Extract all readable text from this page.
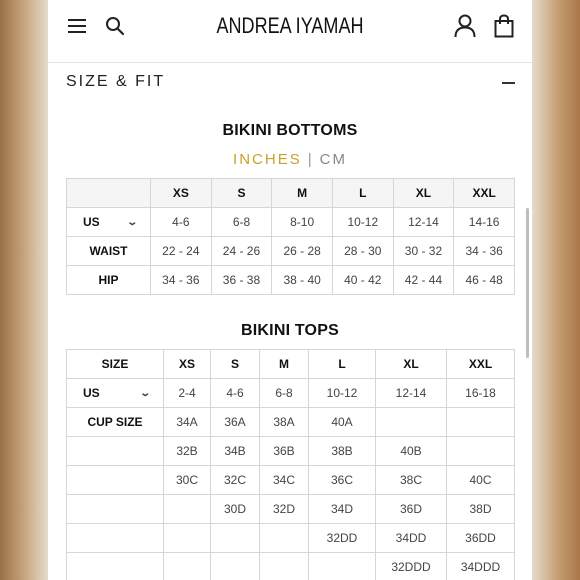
ANDREA IYAMAH
SIZE & FIT
BIKINI BOTTOMS
INCHES | CM
	XS	S	M	L	XL	XXL

US ⌄	4-6	6-8	8-10	10-12	12-14	14-16
WAIST	22 - 24	24 - 26	26 - 28	28 - 30	30 - 32	34 - 36
HIP	34 - 36	36 - 38	38 - 40	40 - 42	42 - 44	46 - 48
BIKINI TOPS
SIZE	XS	S	M	L	XL	XXL

US ⌄	2-4	4-6	6-8	10-12	12-14	16-18
CUP SIZE	34A	36A	38A	40A		
	32B	34B	36B	38B	40B	
	30C	32C	34C	36C	38C	40C
		30D	32D	34D	36D	38D
				32DD	34DD	36DD
					32DDD	34DDD
